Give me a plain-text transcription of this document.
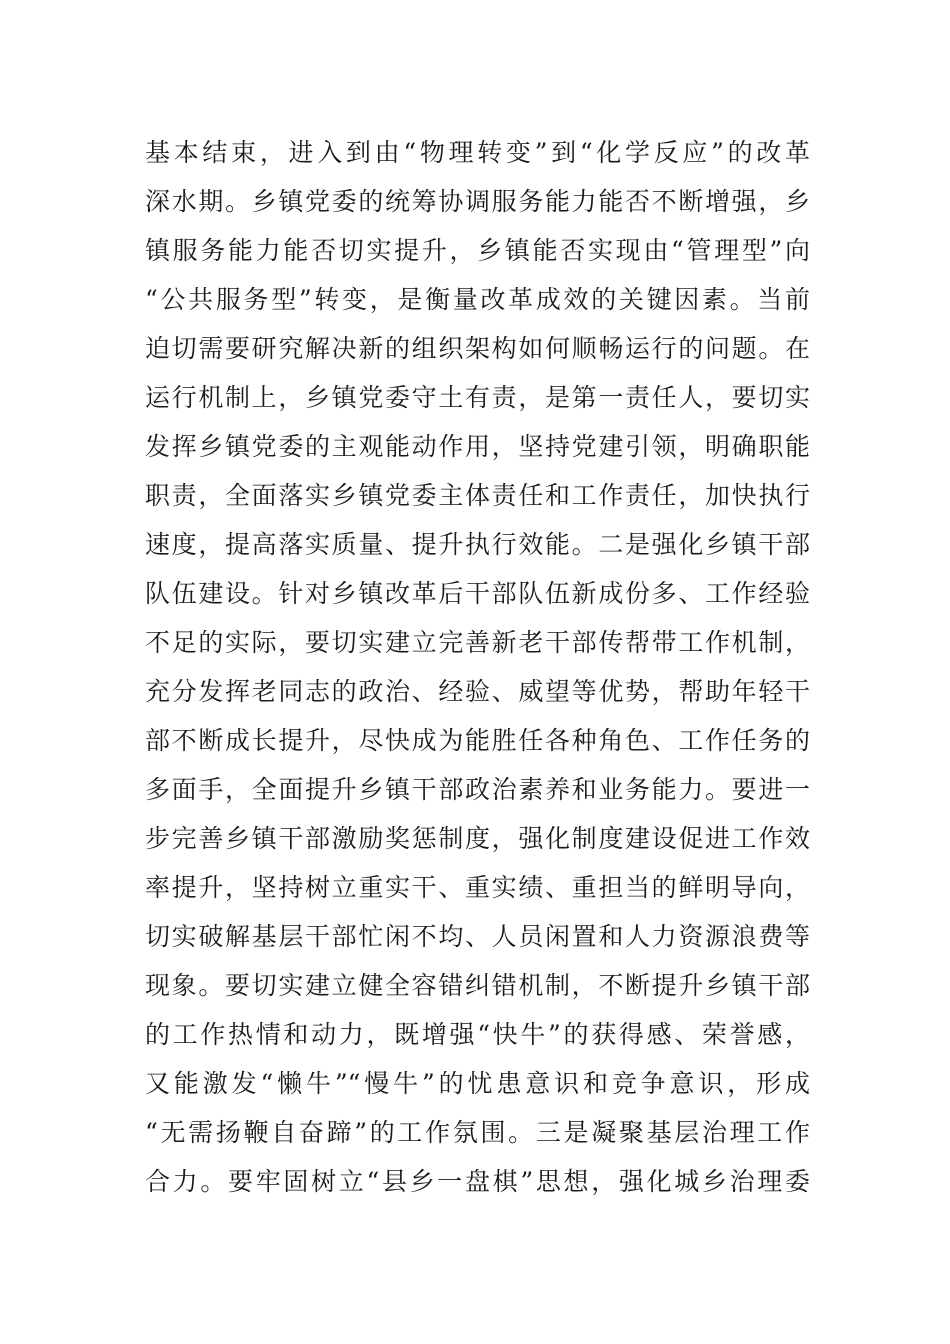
基本结束，进入到由“物理转变”到“化学反应”的改革
深水期。乡镇党委的统筹协调服务能力能否不断增强，乡
镇服务能力能否切实提升，乡镇能否实现由“管理型”向
“公共服务型”转变，是衡量改革成效的关键因素。当前
迫切需要研究解决新的组织架构如何顺畅运行的问题。在
运行机制上，乡镇党委守土有责，是第一责任人，要切实
发挥乡镇党委的主观能动作用，坚持党建引领，明确职能
职责，全面落实乡镇党委主体责任和工作责任，加快执行
速度，提高落实质量、提升执行效能。二是强化乡镇干部
队伍建设。针对乡镇改革后干部队伍新成份多、工作经验
不足的实际，要切实建立完善新老干部传帮带工作机制，
充分发挥老同志的政治、经验、威望等优势，帮助年轻干
部不断成长提升，尽快成为能胜任各种角色、工作任务的
多面手，全面提升乡镇干部政治素养和业务能力。要进一
步完善乡镇干部激励奖惩制度，强化制度建设促进工作效
率提升，坚持树立重实干、重实绩、重担当的鲜明导向，
切实破解基层干部忙闲不均、人员闲置和人力资源浪费等
现象。要切实建立健全容错纠错机制，不断提升乡镇干部
的工作热情和动力，既增强“快牛”的获得感、荣誉感，
又能激发“懒牛”“慢牛”的忧患意识和竞争意识，形成
“无需扬鞭自奋蹄”的工作氛围。三是凝聚基层治理工作
合力。要牢固树立“县乡一盘棋”思想，强化城乡治理委
